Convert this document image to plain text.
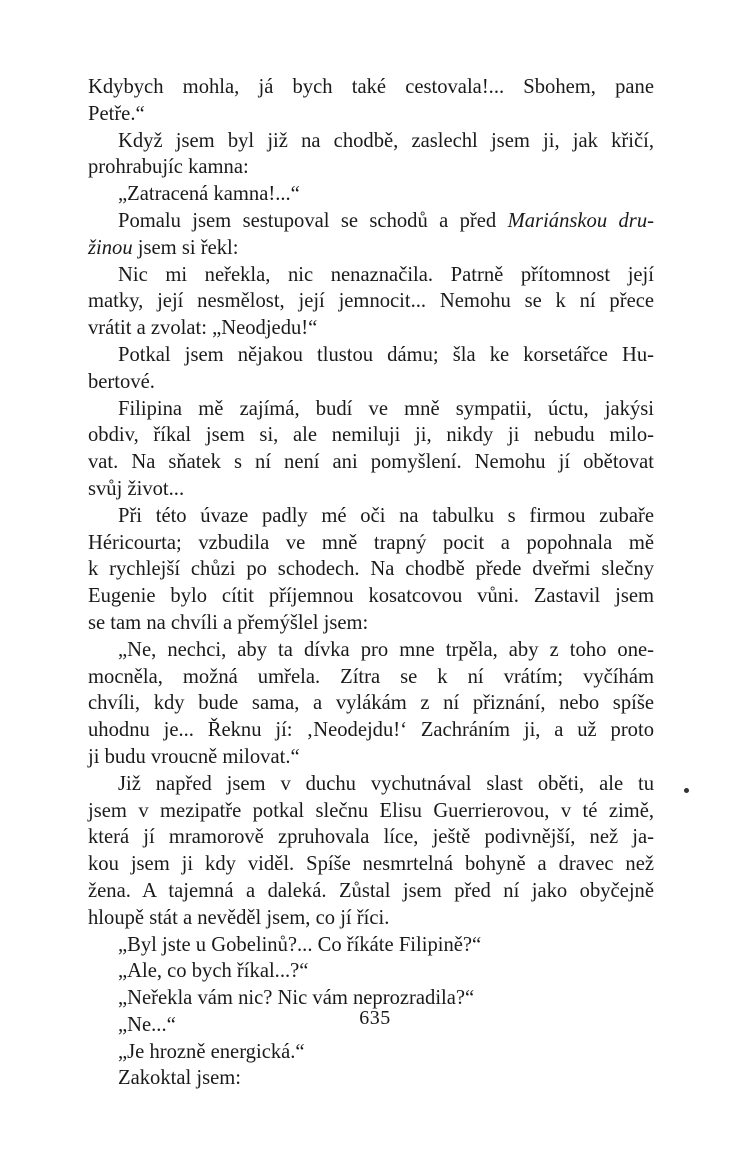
Kdybych mohla, já bych také cestovala!... Sbohem, pane
Petře.“
Když jsem byl již na chodbě, zaslechl jsem ji, jak křičí,
prohrabujíc kamna:
„Zatracená kamna!...“
Pomalu jsem sestupoval se schodů a před Mariánskou dru-
žinou jsem si řekl:
Nic mi neřekla, nic nenaznačila. Patrně přítomnost její
matky, její nesmělost, její jemnocit... Nemohu se k ní přece
vrátit a zvolat: „Neodjedu!“
Potkal jsem nějakou tlustou dámu; šla ke korsetářce Hu-
bertové.
Filipina mě zajímá, budí ve mně sympatii, úctu, jakýsi
obdiv, říkal jsem si, ale nemiluji ji, nikdy ji nebudu milo-
vat. Na sňatek s ní není ani pomyšlení. Nemohu jí obětovat
svůj život...
Při této úvaze padly mé oči na tabulku s firmou zubaře
Héricourta; vzbudila ve mně trapný pocit a popohnala mě
k rychlejší chůzi po schodech. Na chodbě přede dveřmi slečny
Eugenie bylo cítit příjemnou kosatcovou vůni. Zastavil jsem
se tam na chvíli a přemýšlel jsem:
„Ne, nechci, aby ta dívka pro mne trpěla, aby z toho one-
mocněla, možná umřela. Zítra se k ní vrátím; vyčíhám
chvíli, kdy bude sama, a vylákám z ní přiznání, nebo spíše
uhodnu je... Řeknu jí: ‚Neodejdu!‘ Zachráním ji, a už proto
ji budu vroucně milovat.“
Již napřed jsem v duchu vychutnával slast oběti, ale tu
jsem v mezipatře potkal slečnu Elisu Guerrierovou, v té zimě,
která jí mramorově zpruhovala líce, ještě podivnější, než ja-
kou jsem ji kdy viděl. Spíše nesmrtelná bohyně a dravec než
žena. A tajemná a daleká. Zůstal jsem před ní jako obyčejně
hloupě stát a nevěděl jsem, co jí říci.
„Byl jste u Gobelinů?... Co říkáte Filipině?“
„Ale, co bych říkal...?“
„Neřekla vám nic? Nic vám neprozradila?“
„Ne...“
„Je hrozně energická.“
Zakoktal jsem:
635
